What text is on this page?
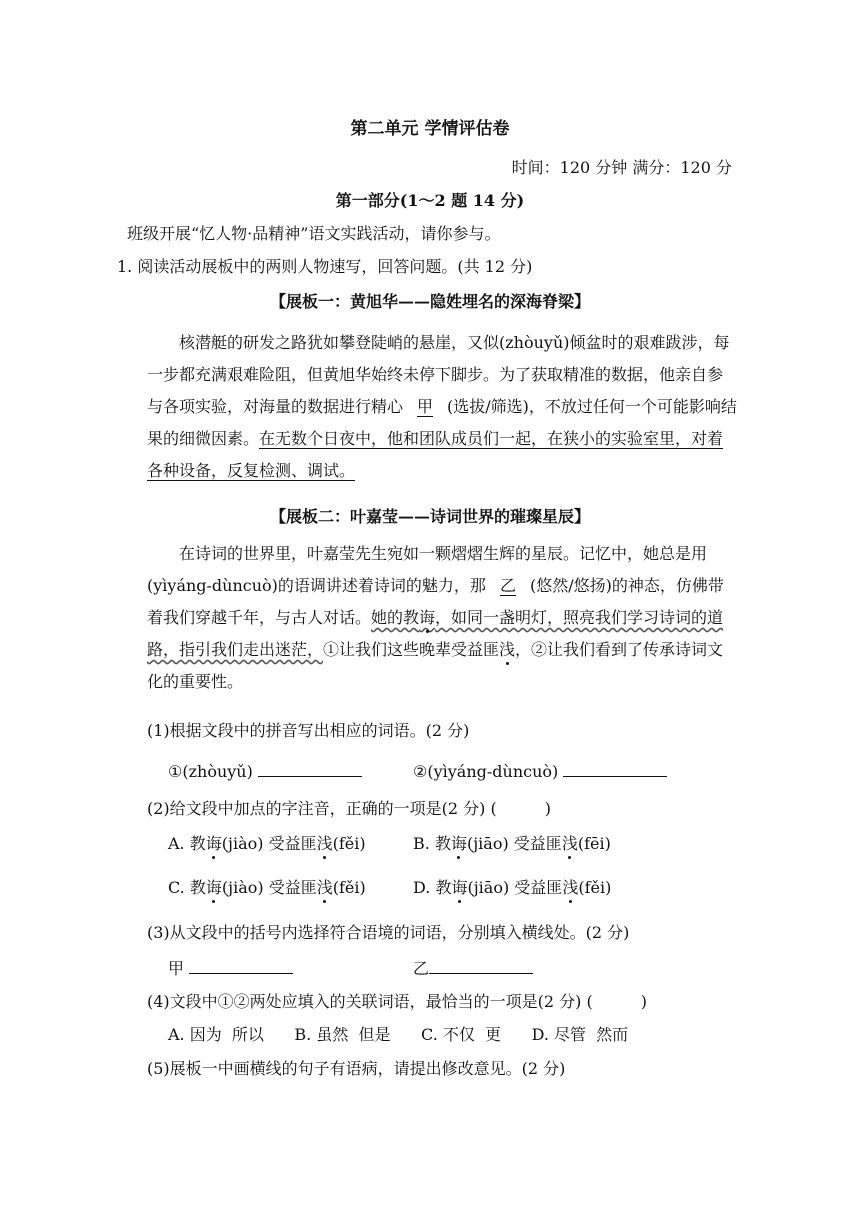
第二单元 学情评估卷
时间：120 分钟 满分：120 分
第一部分(1～2 题 14 分)
班级开展“忆人物·品精神”语文实践活动，请你参与。
1. 阅读活动展板中的两则人物速写，回答问题。(共 12 分)
【展板一：黄旭华——隐姓埋名的深海脊梁】

核潜艇的研发之路犹如攀登陡峭的悬崖，又似(zhòuyǔ)倾盆时的艰难跋涉，每一步都充满艰难险阻，但黄旭华始终未停下脚步。为了获取精准的数据，他亲自参与各项实验，对海量的数据进行精心 甲 (选拔/筛选)，不放过任何一个可能影响结果的细微因素。在无数个日夜中，他和团队成员们一起，在狭小的实验室里，对着各种设备，反复检测、调试。

【展板二：叶嘉莹——诗词世界的璀璨星辰】

在诗词的世界里，叶嘉莹先生宛如一颗熠熠生辉的星辰。记忆中，她总是用(yìyáng-dùncuò)的语调讲述着诗词的魅力，那 乙 (悠然/悠扬)的神态，仿佛带着我们穿越千年，与古人对话。她的教诲，如同一盏明灯，照亮我们学习诗词的道路，指引我们走出迷茫，①让我们这些晚辈受益匪浅，②让我们看到了传承诗词文化的重要性。

(1)根据文段中的拼音写出相应的词语。(2 分)
①(zhòuyǔ)	②(yìyáng-dùncuò)
(2)给文段中加点的字注音，正确的一项是(2 分) (　　　)
A. 教诲(jiào) 受益匪浅(fěi)	B. 教诲(jiāo) 受益匪浅(fēi)
C. 教诲(jiào) 受益匪浅(fěi)	D. 教诲(jiāo) 受益匪浅(fěi)
(3)从文段中的括号内选择符合语境的词语，分别填入横线处。(2 分)
甲	乙
(4)文段中①②两处应填入的关联词语，最恰当的一项是(2 分) (　　　)
A. 因为  所以      B. 虽然  但是      C. 不仅  更      D. 尽管  然而
(5)展板一中画横线的句子有语病，请提出修改意见。(2 分)
